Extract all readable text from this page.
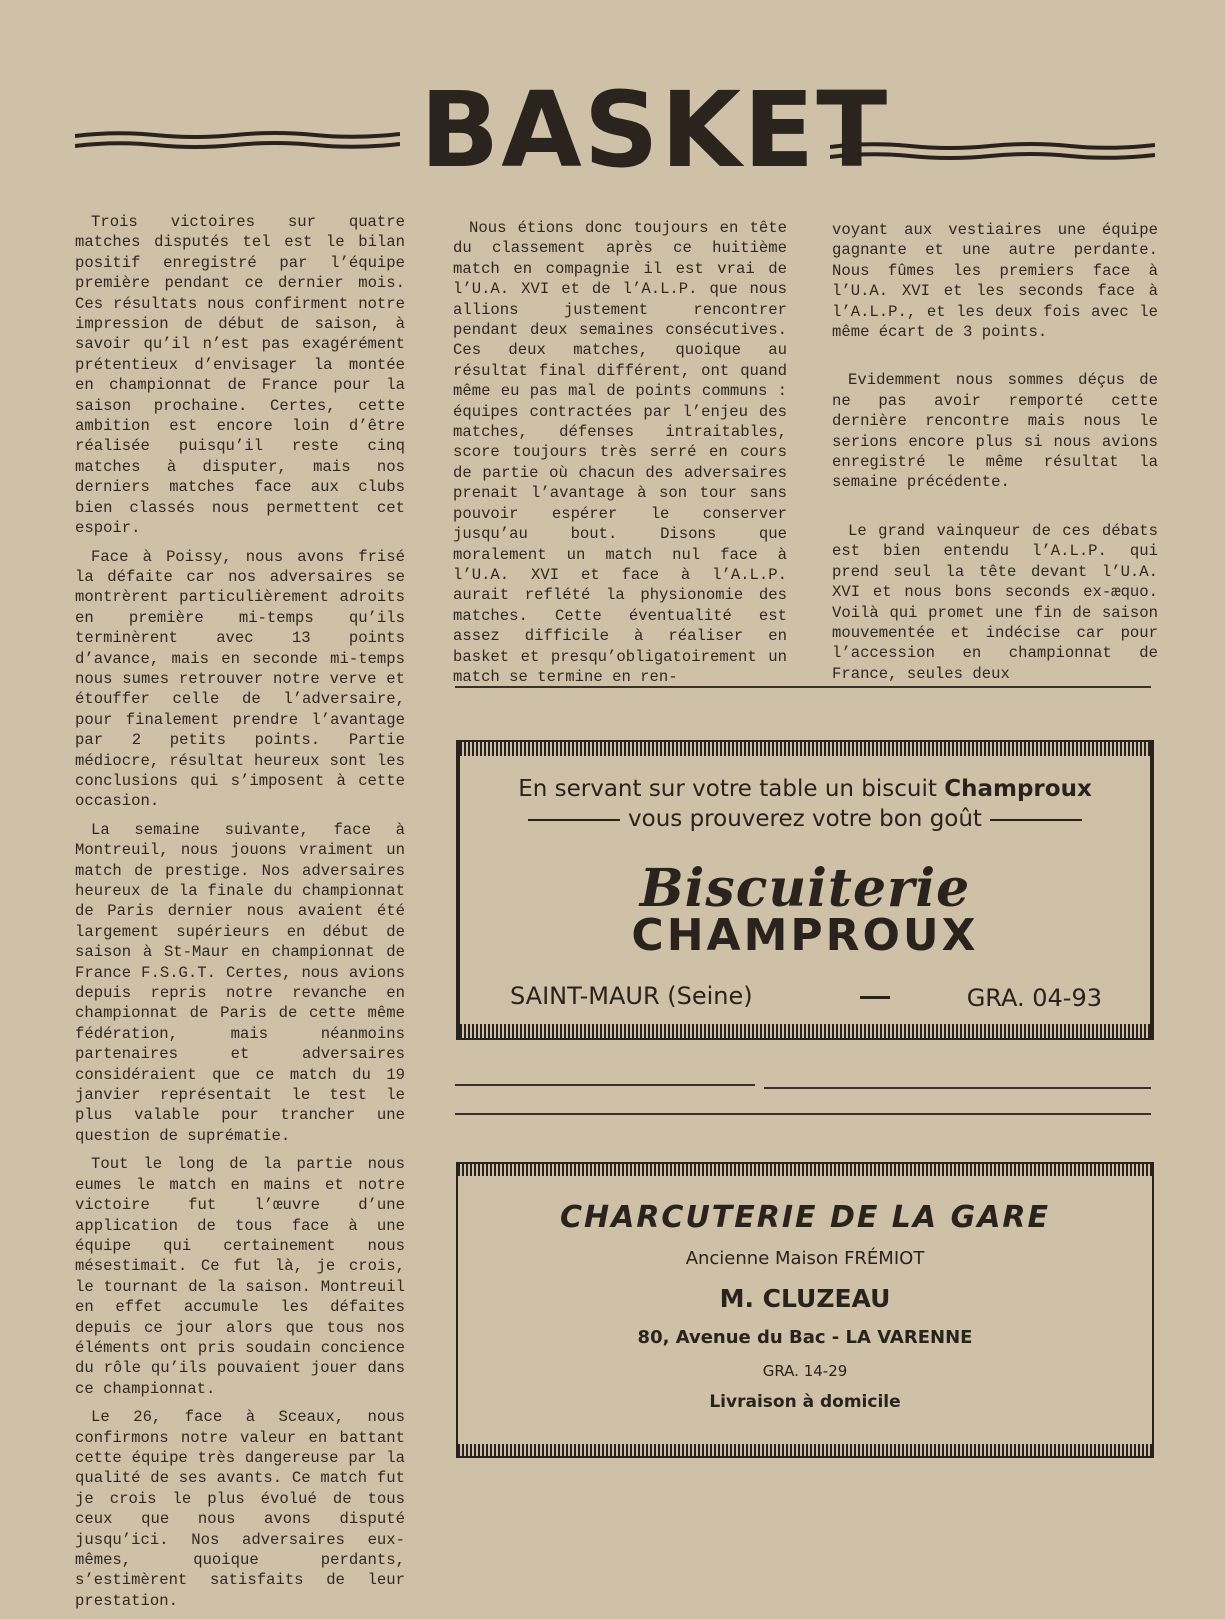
BASKET

Trois victoires sur quatre matches disputés tel est le bilan positif enregistré par l’équipe première pendant ce dernier mois. Ces résultats nous confirment notre impression de début de saison, à savoir qu’il n’est pas exagérément prétentieux d’envisager la montée en championnat de France pour la saison prochaine. Certes, cette ambition est encore loin d’être réalisée puisqu’il reste cinq matches à disputer, mais nos derniers matches face aux clubs bien classés nous permettent cet espoir.

Face à Poissy, nous avons frisé la défaite car nos adversaires se montrèrent particulièrement adroits en première mi-temps qu’ils terminèrent avec 13 points d’avance, mais en seconde mi-temps nous sumes retrouver notre verve et étouffer celle de l’adversaire, pour finalement prendre l’avantage par 2 petits points. Partie médiocre, résultat heureux sont les conclusions qui s’imposent à cette occasion.

La semaine suivante, face à Montreuil, nous jouons vraiment un match de prestige. Nos adversaires heureux de la finale du championnat de Paris dernier nous avaient été largement supérieurs en début de saison à St-Maur en championnat de France F.S.G.T. Certes, nous avions depuis repris notre revanche en championnat de Paris de cette même fédération, mais néanmoins partenaires et adversaires considéraient que ce match du 19 janvier représentait le test le plus valable pour trancher une question de suprématie.

Tout le long de la partie nous eumes le match en mains et notre victoire fut l’œuvre d’une application de tous face à une équipe qui certainement nous mésestimait. Ce fut là, je crois, le tournant de la saison. Montreuil en effet accumule les défaites depuis ce jour alors que tous nos éléments ont pris soudain concience du rôle qu’ils pouvaient jouer dans ce championnat.

Le 26, face à Sceaux, nous confirmons notre valeur en battant cette équipe très dangereuse par la qualité de ses avants. Ce match fut je crois le plus évolué de tous ceux que nous avons disputé jusqu’ici. Nos adversaires eux-mêmes, quoique perdants, s’estimèrent satisfaits de leur prestation.

Nous étions donc toujours en tête du classement après ce huitième match en compagnie il est vrai de l’U.A. XVI et de l’A.L.P. que nous allions justement rencontrer pendant deux semaines consécutives. Ces deux matches, quoique au résultat final différent, ont quand même eu pas mal de points communs : équipes contractées par l’enjeu des matches, défenses intraitables, score toujours très serré en cours de partie où chacun des adversaires prenait l’avantage à son tour sans pouvoir espérer le conserver jusqu’au bout. Disons que moralement un match nul face à l’U.A. XVI et face à l’A.L.P. aurait reflété la physionomie des matches. Cette éventualité est assez difficile à réaliser en basket et presqu’obligatoirement un match se termine en ren-

voyant aux vestiaires une équipe gagnante et une autre perdante. Nous fûmes les premiers face à l’U.A. XVI et les seconds face à l’A.L.P., et les deux fois avec le même écart de 3 points.

Evidemment nous sommes déçus de ne pas avoir remporté cette dernière rencontre mais nous le serions encore plus si nous avions enregistré le même résultat la semaine précédente.

Le grand vainqueur de ces débats est bien entendu l’A.L.P. qui prend seul la tête devant l’U.A. XVI et nous bons seconds ex-æquo. Voilà qui promet une fin de saison mouvementée et indécise car pour l’accession en championnat de France, seules deux

En servant sur votre table un biscuit Champroux
vous prouverez votre bon goût
Biscuiterie
CHAMPROUX
SAINT-MAUR (Seine)	GRA. 04-93
CHARCUTERIE DE LA GARE
Ancienne Maison FRÉMIOT
M. CLUZEAU
80, Avenue du Bac - LA VARENNE
GRA. 14-29
Livraison à domicile
